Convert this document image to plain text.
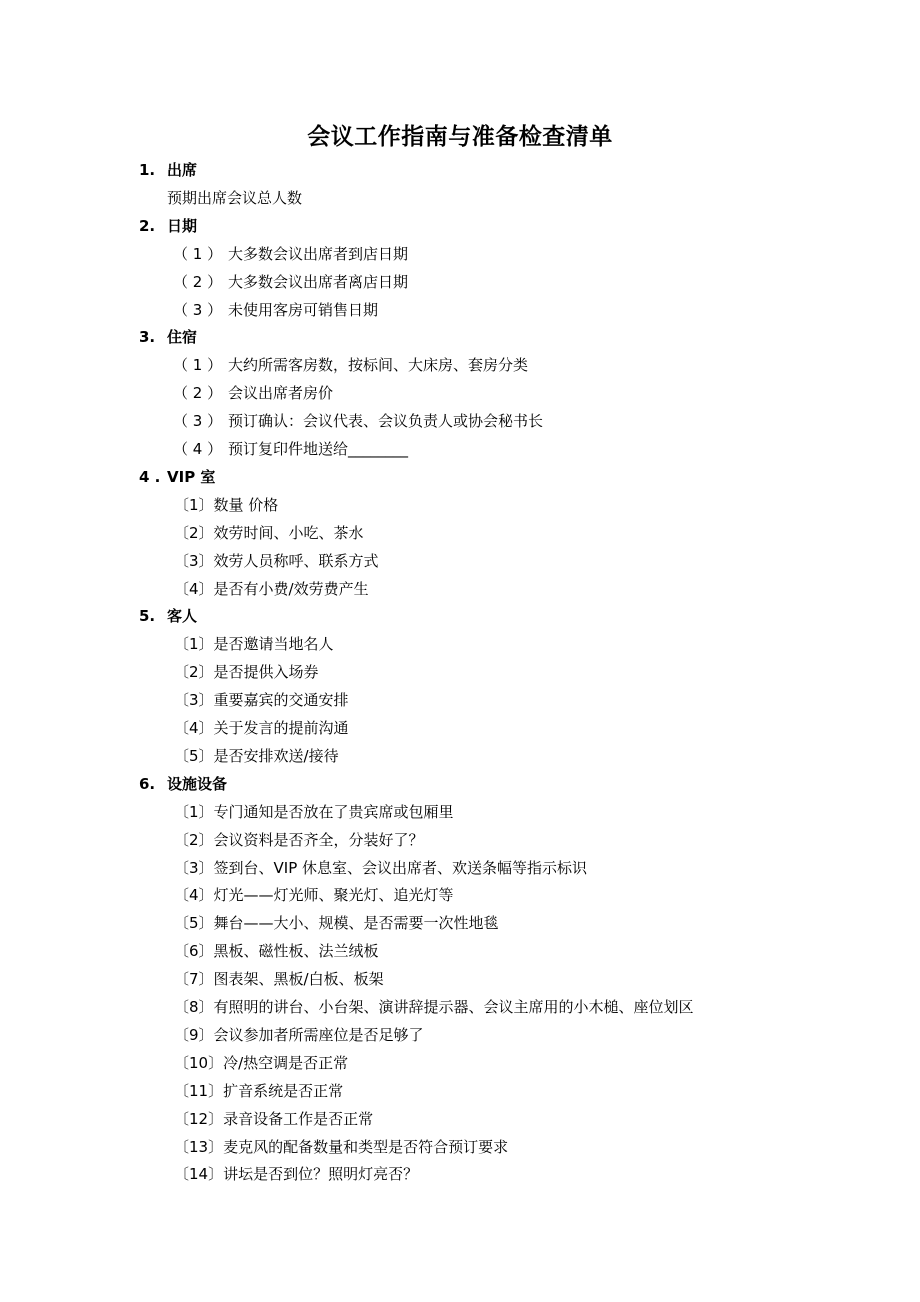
会议工作指南与准备检查清单
1. 出席
预期出席会议总人数
2. 日期
（ 1 ） 大多数会议出席者到店日期
（ 2 ） 大多数会议出席者离店日期
（ 3 ） 未使用客房可销售日期
3. 住宿
（ 1 ） 大约所需客房数，按标间、大床房、套房分类
（ 2 ） 会议出席者房价
（ 3 ） 预订确认：会议代表、会议负责人或协会秘书长
（ 4 ） 预订复印件地送给________
4 . VIP 室
〔1〕数量 价格
〔2〕效劳时间、小吃、茶水
〔3〕效劳人员称呼、联系方式
〔4〕是否有小费/效劳费产生
5. 客人
〔1〕是否邀请当地名人
〔2〕是否提供入场券
〔3〕重要嘉宾的交通安排
〔4〕关于发言的提前沟通
〔5〕是否安排欢送/接待
6. 设施设备
〔1〕专门通知是否放在了贵宾席或包厢里
〔2〕会议资料是否齐全，分装好了？
〔3〕签到台、VIP 休息室、会议出席者、欢送条幅等指示标识
〔4〕灯光——灯光师、聚光灯、追光灯等
〔5〕舞台——大小、规模、是否需要一次性地毯
〔6〕黑板、磁性板、法兰绒板
〔7〕图表架、黑板/白板、板架
〔8〕有照明的讲台、小台架、演讲辞提示器、会议主席用的小木槌、座位划区
〔9〕会议参加者所需座位是否足够了
〔10〕冷/热空调是否正常
〔11〕扩音系统是否正常
〔12〕录音设备工作是否正常
〔13〕麦克风的配备数量和类型是否符合预订要求
〔14〕讲坛是否到位？照明灯亮否？
